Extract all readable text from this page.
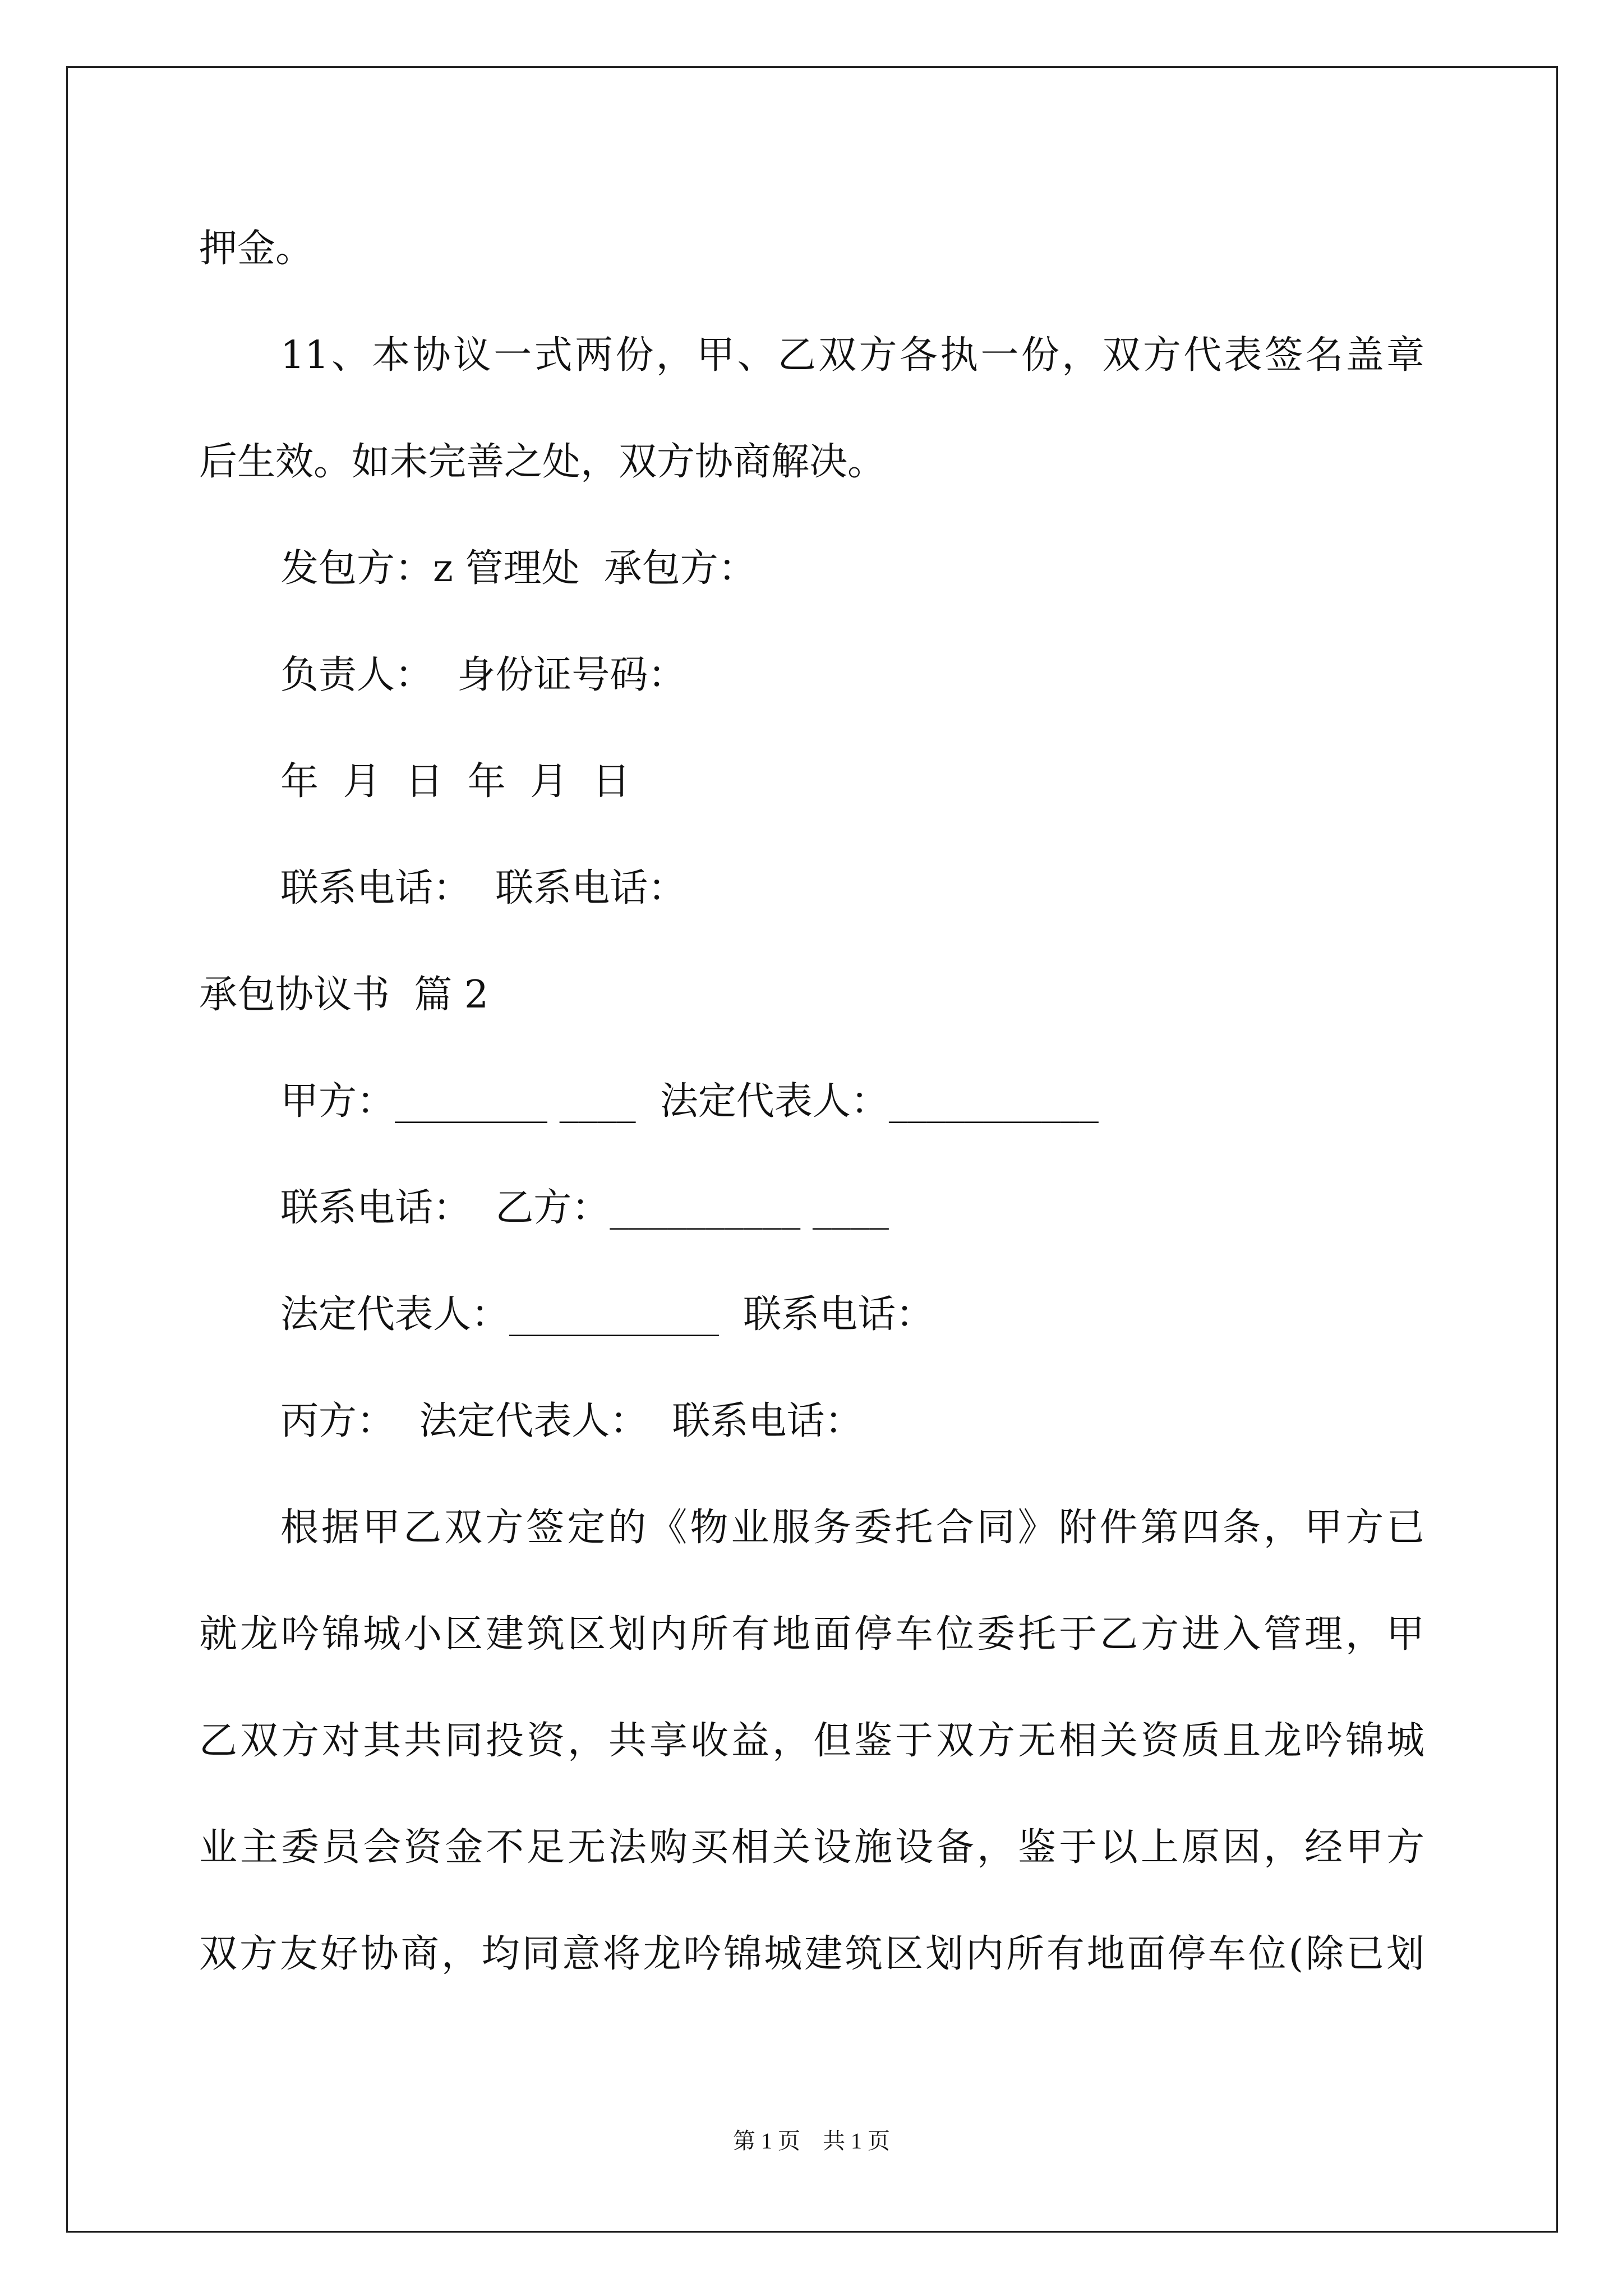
押金。
11、本协议一式两份，甲、乙双方各执一份，双方代表签名盖章
后生效。如未完善之处，双方协商解决。
发包方：z 管理处  承包方：
负责人：  身份证号码：
年  月  日  年  月  日
联系电话：  联系电话：
承包协议书  篇 2
甲方：________ ____  法定代表人：___________
联系电话：  乙方：__________ ____
法定代表人：___________  联系电话：
丙方：  法定代表人：  联系电话：
根据甲乙双方签定的《物业服务委托合同》附件第四条，甲方已
就龙吟锦城小区建筑区划内所有地面停车位委托于乙方进入管理，甲
乙双方对其共同投资，共享收益，但鉴于双方无相关资质且龙吟锦城
业主委员会资金不足无法购买相关设施设备，鉴于以上原因，经甲方
双方友好协商，均同意将龙吟锦城建筑区划内所有地面停车位(除已划
第 1 页    共 1 页
